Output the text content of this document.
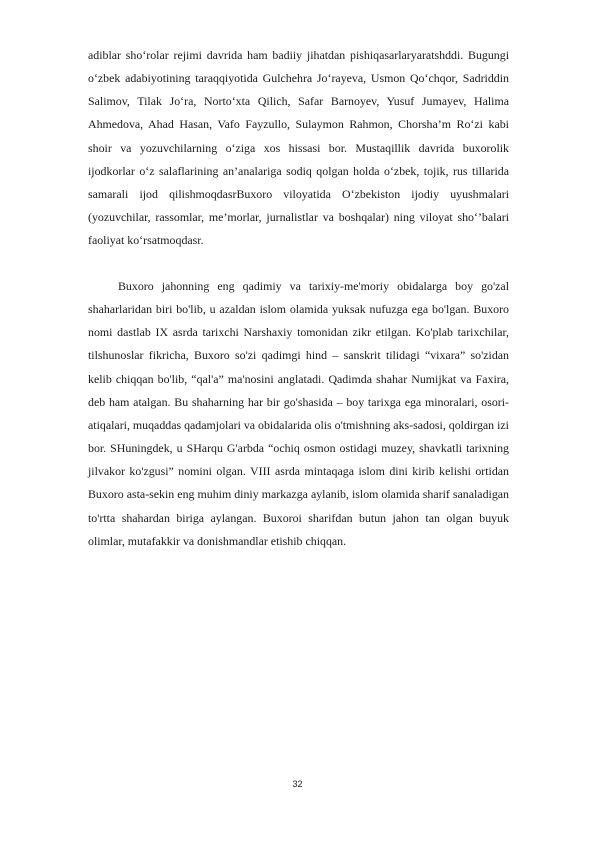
adiblar sho‘rolar rejimi davrida ham badiiy jihatdan pishiqasarlaryaratshddi. Bugungi o‘zbek adabiyotining taraqqiyotida Gulchehra Jo‘rayeva, Usmon Qo‘chqor, Sadriddin Salimov, Tilak Jo‘ra, Norto‘xta Qilich, Safar Barnoyev, Yusuf Jumayev, Halima Ahmedova, Ahad Hasan, Vafo Fayzullo, Sulaymon Rahmon, Chorsha’m Ro‘zi kabi shoir va yozuvchilarning o‘ziga xos hissasi bor. Mustaqillik davrida buxorolik ijodkorlar o‘z salaflarining an’analariga sodiq qolgan holda o‘zbek, tojik, rus tillarida samarali ijod qilishmoqdasrBuxoro viloyatida O‘zbekiston ijodiy uyushmalari (yozuvchilar, rassomlar, me’morlar, jurnalistlar va boshqalar) ning viloyat sho‘’balari faoliyat ko‘rsatmoqdasr.

Buxoro jahonning eng qadimiy va tarixiy-me'moriy obidalarga boy go'zal shaharlaridan biri bo'lib, u azaldan islom olamida yuksak nufuzga ega bo'lgan. Buxoro nomi dastlab IX asrda tarixchi Narshaxiy tomonidan zikr etilgan. Ko'plab tarixchilar, tilshunoslar fikricha, Buxoro so'zi qadimgi hind – sanskrit tilidagi “vixara” so'zidan kelib chiqqan bo'lib, “qal'a” ma'nosini anglatadi. Qadimda shahar Numijkat va Faxira, deb ham atalgan. Bu shaharning har bir go'shasida – boy tarixga ega minoralari, osori- atiqalari, muqaddas qadamjolari va obidalarida olis o'tmishning aks-sadosi, qoldirgan izi bor. SHuningdek, u SHarqu G'arbda “ochiq osmon ostidagi muzey, shavkatli tarixning jilvakor ko'zgusi” nomini olgan. VIII asrda mintaqaga islom dini kirib kelishi ortidan Buxoro asta-sekin eng muhim diniy markazga aylanib, islom olamida sharif sanaladigan to'rtta shahardan biriga aylangan. Buxoroi sharifdan butun jahon tan olgan buyuk olimlar, mutafakkir va donishmandlar etishib chiqqan.

32
